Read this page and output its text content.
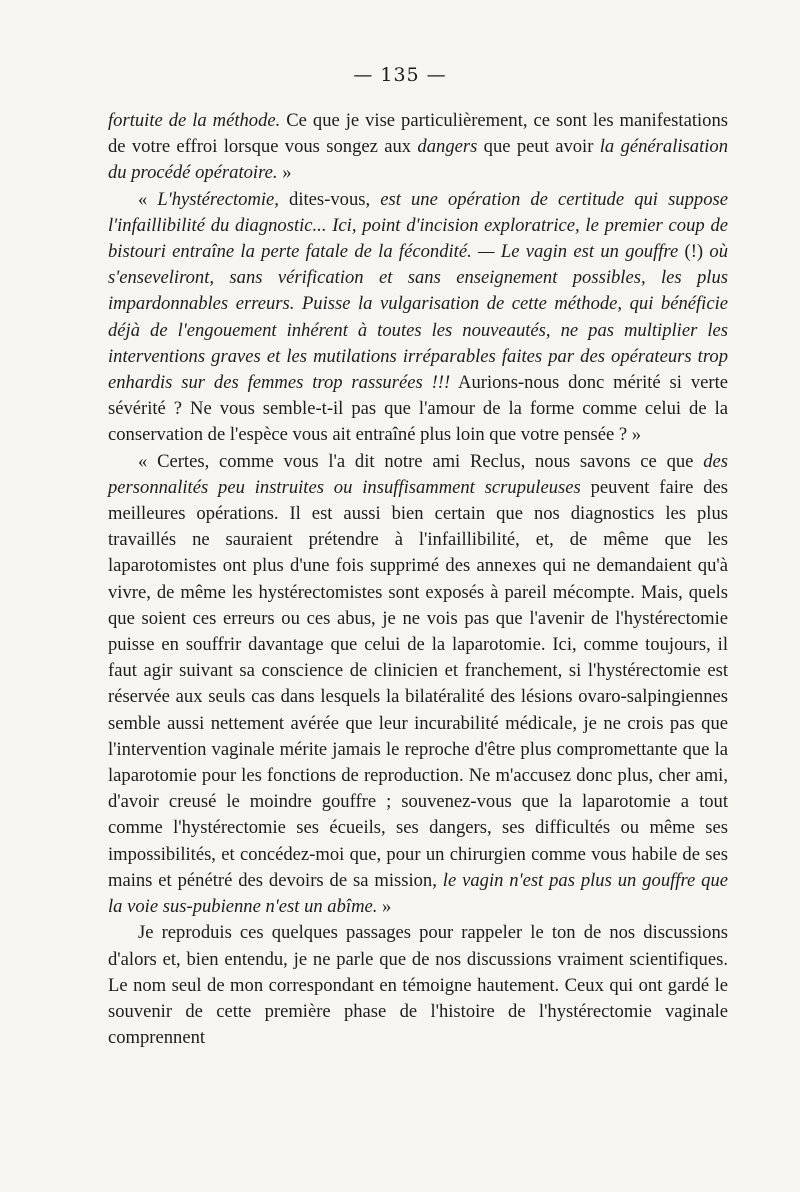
— 135 —

fortuite de la méthode. Ce que je vise particulièrement, ce sont les manifestations de votre effroi lorsque vous songez aux dangers que peut avoir la généralisation du procédé opératoire. »

« L'hystérectomie, dites-vous, est une opération de certitude qui suppose l'infaillibilité du diagnostic... Ici, point d'incision exploratrice, le premier coup de bistouri entraîne la perte fatale de la fécondité. — Le vagin est un gouffre (!) où s'enseveliront, sans vérification et sans enseignement possibles, les plus impardonnables erreurs. Puisse la vulgarisation de cette méthode, qui bénéficie déjà de l'engouement inhérent à toutes les nouveautés, ne pas multiplier les interventions graves et les mutilations irréparables faites par des opérateurs trop enhardis sur des femmes trop rassurées !!! Aurions-nous donc mérité si verte sévérité ? Ne vous semble-t-il pas que l'amour de la forme comme celui de la conservation de l'espèce vous ait entraîné plus loin que votre pensée ? »

« Certes, comme vous l'a dit notre ami Reclus, nous savons ce que des personnalités peu instruites ou insuffisamment scrupuleuses peuvent faire des meilleures opérations. Il est aussi bien certain que nos diagnostics les plus travaillés ne sauraient prétendre à l'infaillibilité, et, de même que les laparotomistes ont plus d'une fois supprimé des annexes qui ne demandaient qu'à vivre, de même les hystérectomistes sont exposés à pareil mécompte. Mais, quels que soient ces erreurs ou ces abus, je ne vois pas que l'avenir de l'hystérectomie puisse en souffrir davantage que celui de la laparotomie. Ici, comme toujours, il faut agir suivant sa conscience de clinicien et franchement, si l'hystérectomie est réservée aux seuls cas dans lesquels la bilatéralité des lésions ovaro-salpingiennes semble aussi nettement avérée que leur incurabilité médicale, je ne crois pas que l'intervention vaginale mérite jamais le reproche d'être plus compromettante que la laparotomie pour les fonctions de reproduction. Ne m'accusez donc plus, cher ami, d'avoir creusé le moindre gouffre ; souvenez-vous que la laparotomie a tout comme l'hystérectomie ses écueils, ses dangers, ses difficultés ou même ses impossibilités, et concédez-moi que, pour un chirurgien comme vous habile de ses mains et pénétré des devoirs de sa mission, le vagin n'est pas plus un gouffre que la voie sus-pubienne n'est un abîme. »

Je reproduis ces quelques passages pour rappeler le ton de nos discussions d'alors et, bien entendu, je ne parle que de nos discussions vraiment scientifiques. Le nom seul de mon correspondant en témoigne hautement. Ceux qui ont gardé le souvenir de cette première phase de l'histoire de l'hystérectomie vaginale comprennent
